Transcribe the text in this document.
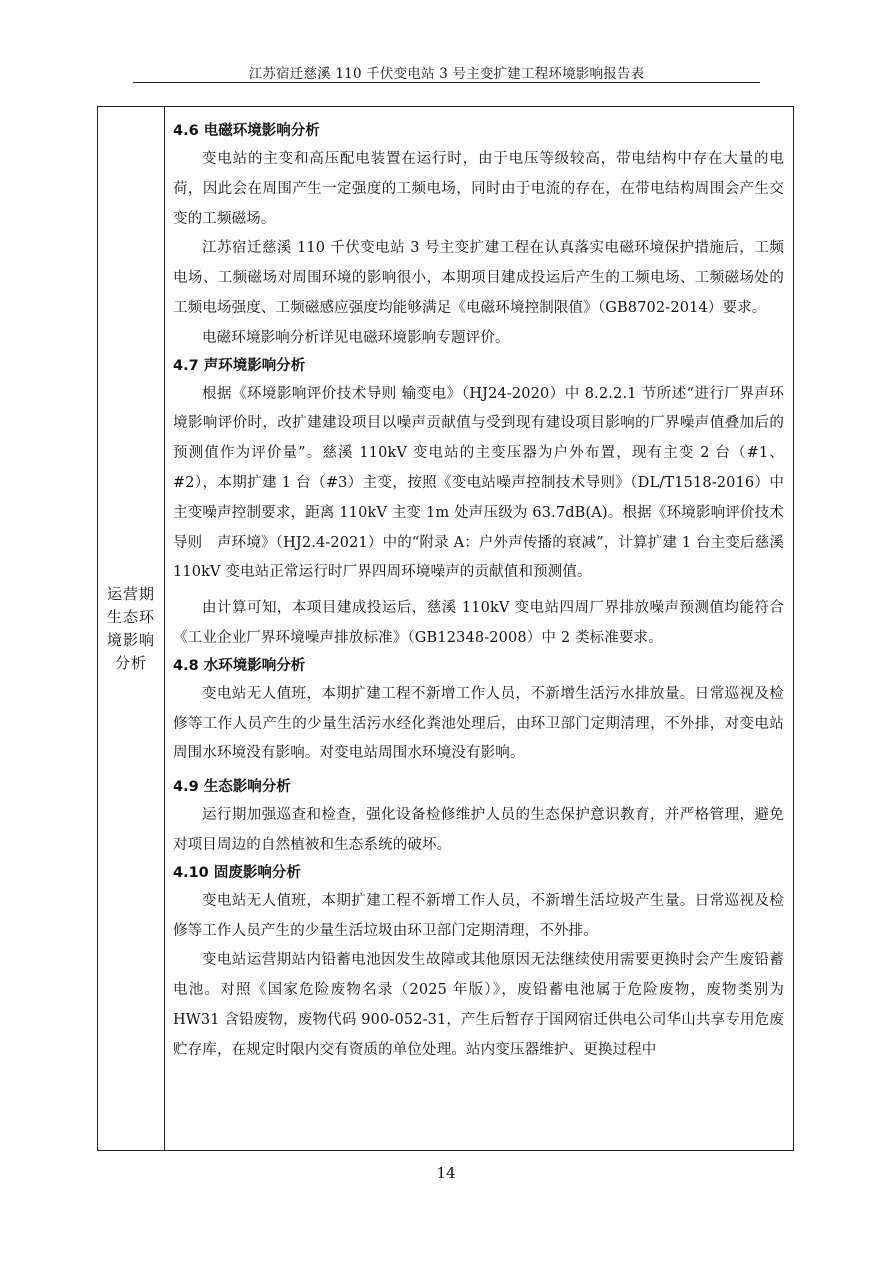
江苏宿迁慈溪 110 千伏变电站 3 号主变扩建工程环境影响报告表
运营期生态环境影响分析
4.6 电磁环境影响分析

变电站的主变和高压配电装置在运行时，由于电压等级较高，带电结构中存在大量的电荷，因此会在周围产生一定强度的工频电场，同时由于电流的存在，在带电结构周围会产生交变的工频磁场。

江苏宿迁慈溪 110 千伏变电站 3 号主变扩建工程在认真落实电磁环境保护措施后，工频电场、工频磁场对周围环境的影响很小，本期项目建成投运后产生的工频电场、工频磁场处的工频电场强度、工频磁感应强度均能够满足《电磁环境控制限值》（GB8702-2014）要求。

电磁环境影响分析详见电磁环境影响专题评价。

4.7 声环境影响分析

根据《环境影响评价技术导则 输变电》（HJ24-2020）中 8.2.2.1 节所述“进行厂界声环境影响评价时，改扩建建设项目以噪声贡献值与受到现有建设项目影响的厂界噪声值叠加后的预测值作为评价量”。慈溪 110kV 变电站的主变压器为户外布置，现有主变 2 台（#1、#2），本期扩建 1 台（#3）主变，按照《变电站噪声控制技术导则》（DL/T1518-2016）中主变噪声控制要求，距离 110kV 主变 1m 处声压级为 63.7dB(A)。根据《环境影响评价技术导则　声环境》（HJ2.4-2021）中的“附录 A：户外声传播的衰减”，计算扩建 1 台主变后慈溪 110kV 变电站正常运行时厂界四周环境噪声的贡献值和预测值。

由计算可知，本项目建成投运后，慈溪 110kV 变电站四周厂界排放噪声预测值均能符合《工业企业厂界环境噪声排放标准》（GB12348-2008）中 2 类标准要求。

4.8 水环境影响分析

变电站无人值班，本期扩建工程不新增工作人员，不新增生活污水排放量。日常巡视及检修等工作人员产生的少量生活污水经化粪池处理后，由环卫部门定期清理，不外排，对变电站周围水环境没有影响。对变电站周围水环境没有影响。

4.9 生态影响分析

运行期加强巡查和检查，强化设备检修维护人员的生态保护意识教育，并严格管理，避免对项目周边的自然植被和生态系统的破坏。

4.10 固废影响分析

变电站无人值班，本期扩建工程不新增工作人员，不新增生活垃圾产生量。日常巡视及检修等工作人员产生的少量生活垃圾由环卫部门定期清理，不外排。

变电站运营期站内铅蓄电池因发生故障或其他原因无法继续使用需要更换时会产生废铅蓄电池。对照《国家危险废物名录（2025 年版）》，废铅蓄电池属于危险废物，废物类别为 HW31 含铅废物，废物代码 900-052-31，产生后暂存于国网宿迁供电公司华山共享专用危废贮存库，在规定时限内交有资质的单位处理。站内变压器维护、更换过程中

14
